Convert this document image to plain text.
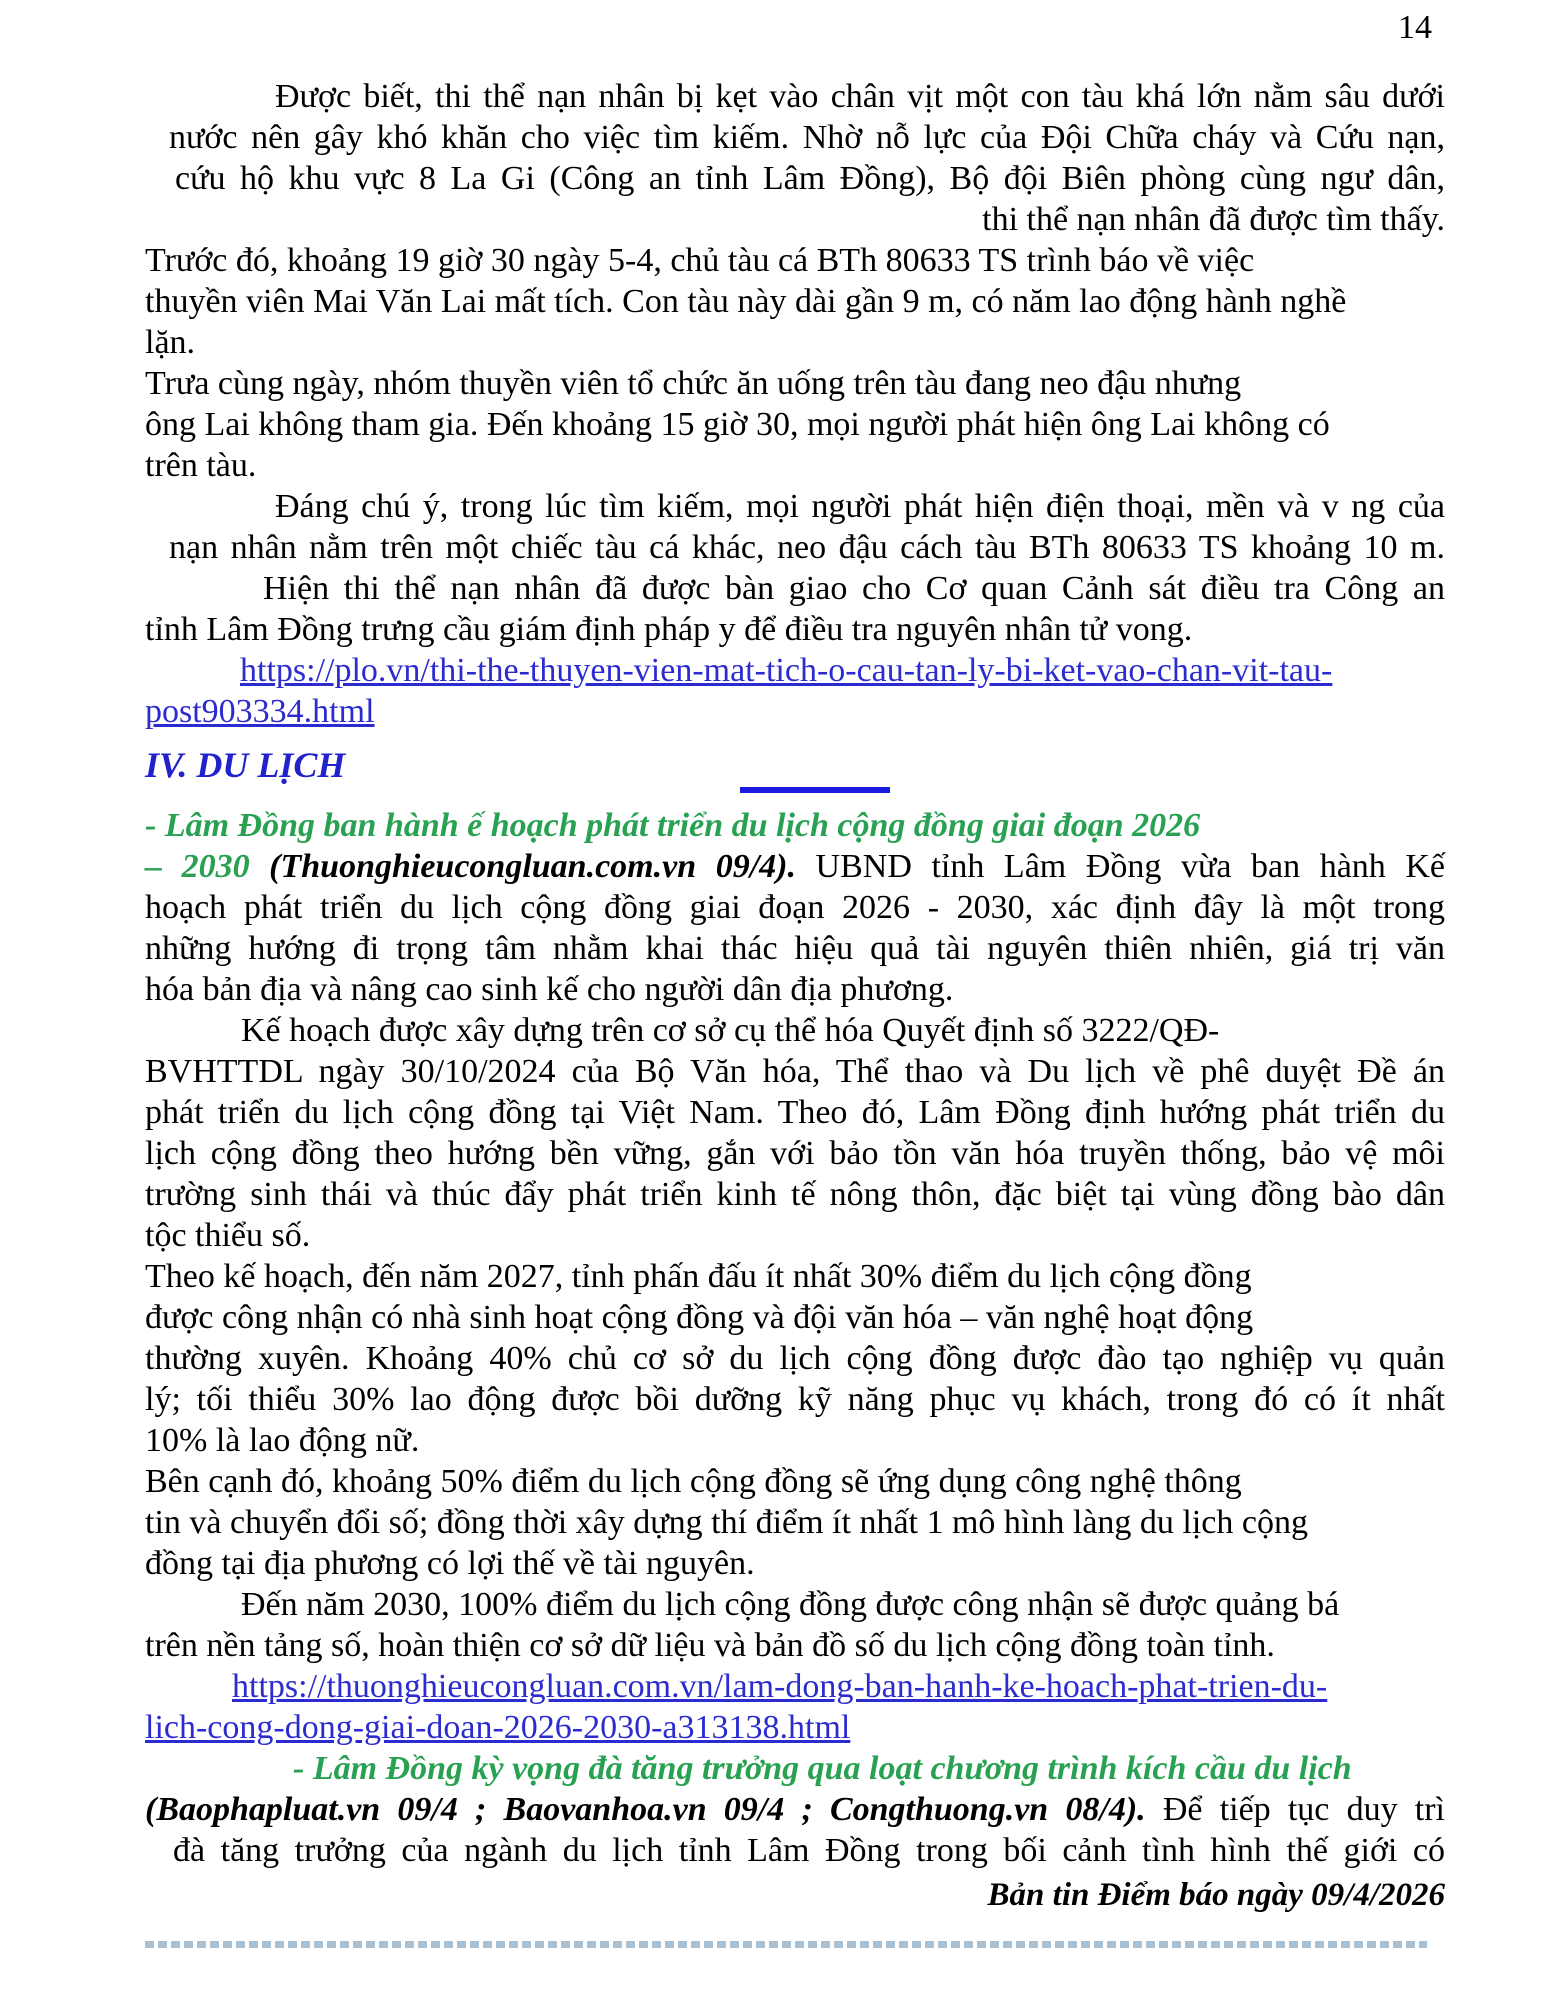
14
Được biết, thi thể nạn nhân bị kẹt vào chân vịt một con tàu khá lớn nằm sâu dưới
nước nên gây khó khăn cho việc tìm kiếm. Nhờ nỗ lực của Đội Chữa cháy và Cứu nạn,
cứu hộ khu vực 8 La Gi (Công an tỉnh Lâm Đồng), Bộ đội Biên phòng cùng ngư dân,
thi thể nạn nhân đã được tìm thấy.
Trước đó, khoảng 19 giờ 30 ngày 5-4, chủ tàu cá BTh 80633 TS trình báo về việc
thuyền viên Mai Văn Lai mất tích. Con tàu này dài gần 9 m, có năm lao động hành nghề
lặn.
Trưa cùng ngày, nhóm thuyền viên tổ chức ăn uống trên tàu đang neo đậu nhưng
ông Lai không tham gia. Đến khoảng 15 giờ 30, mọi người phát hiện ông Lai không có
trên tàu.
Đáng chú ý, trong lúc tìm kiếm, mọi người phát hiện điện thoại, mền và v ng của
nạn nhân nằm trên một chiếc tàu cá khác, neo đậu cách tàu BTh 80633 TS khoảng 10 m.
Hiện thi thể nạn nhân đã được bàn giao cho Cơ quan Cảnh sát điều tra Công an
tỉnh Lâm Đồng trưng cầu giám định pháp y để điều tra nguyên nhân tử vong.
https://plo.vn/thi-the-thuyen-vien-mat-tich-o-cau-tan-ly-bi-ket-vao-chan-vit-tau-
post903334.html
IV. DU LỊCH
- Lâm Đồng ban hành ế hoạch phát triển du lịch cộng đồng giai đoạn 2026
– 2030 (Thuonghieucongluan.com.vn 09/4). UBND tỉnh Lâm Đồng vừa ban hành Kế
hoạch phát triển du lịch cộng đồng giai đoạn 2026 - 2030, xác định đây là một trong
những hướng đi trọng tâm nhằm khai thác hiệu quả tài nguyên thiên nhiên, giá trị văn
hóa bản địa và nâng cao sinh kế cho người dân địa phương.
Kế hoạch được xây dựng trên cơ sở cụ thể hóa Quyết định số 3222/QĐ-
BVHTTDL ngày 30/10/2024 của Bộ Văn hóa, Thể thao và Du lịch về phê duyệt Đề án
phát triển du lịch cộng đồng tại Việt Nam. Theo đó, Lâm Đồng định hướng phát triển du
lịch cộng đồng theo hướng bền vững, gắn với bảo tồn văn hóa truyền thống, bảo vệ môi
trường sinh thái và thúc đẩy phát triển kinh tế nông thôn, đặc biệt tại vùng đồng bào dân
tộc thiểu số.
Theo kế hoạch, đến năm 2027, tỉnh phấn đấu ít nhất 30% điểm du lịch cộng đồng
được công nhận có nhà sinh hoạt cộng đồng và đội văn hóa – văn nghệ hoạt động
thường xuyên. Khoảng 40% chủ cơ sở du lịch cộng đồng được đào tạo nghiệp vụ quản
lý; tối thiểu 30% lao động được bồi dưỡng kỹ năng phục vụ khách, trong đó có ít nhất
10% là lao động nữ.
Bên cạnh đó, khoảng 50% điểm du lịch cộng đồng sẽ ứng dụng công nghệ thông
tin và chuyển đổi số; đồng thời xây dựng thí điểm ít nhất 1 mô hình làng du lịch cộng
đồng tại địa phương có lợi thế về tài nguyên.
Đến năm 2030, 100% điểm du lịch cộng đồng được công nhận sẽ được quảng bá
trên nền tảng số, hoàn thiện cơ sở dữ liệu và bản đồ số du lịch cộng đồng toàn tỉnh.
https://thuonghieucongluan.com.vn/lam-dong-ban-hanh-ke-hoach-phat-trien-du-
lich-cong-dong-giai-doan-2026-2030-a313138.html
- Lâm Đồng kỳ vọng đà tăng trưởng qua loạt chương trình kích cầu du lịch
(Baophapluat.vn 09/4 ; Baovanhoa.vn 09/4 ; Congthuong.vn 08/4). Để tiếp tục duy trì
đà tăng trưởng của ngành du lịch tỉnh Lâm Đồng trong bối cảnh tình hình thế giới có
Bản tin Điểm báo ngày 09/4/2026
